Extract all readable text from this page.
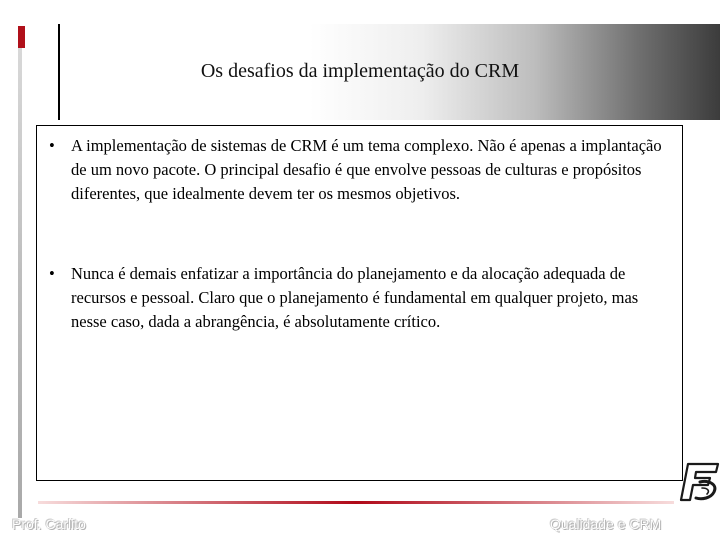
Os desafios da implementação do CRM
• A implementação de sistemas de CRM é um tema complexo. Não é apenas a implantação de um novo pacote. O principal desafio é que envolve pessoas de culturas e propósitos diferentes, que idealmente devem ter os mesmos objetivos.
• Nunca é demais enfatizar a importância do planejamento e da alocação adequada de recursos e pessoal. Claro que o planejamento é fundamental em qualquer projeto, mas nesse caso, dada a abrangência, é absolutamente crítico.
Prof. Carlito	Qualidade e CRM
